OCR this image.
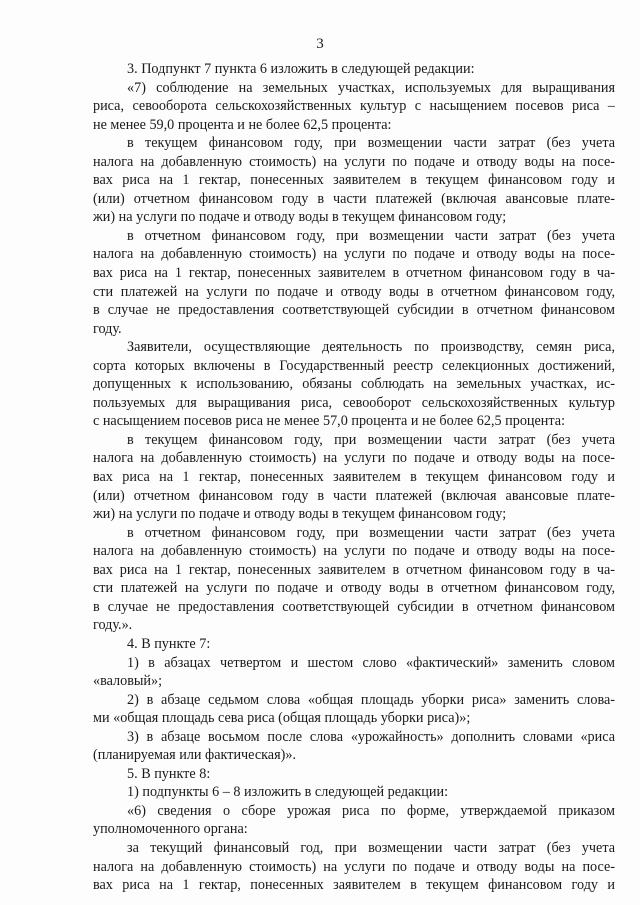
3
3. Подпункт 7 пункта 6 изложить в следующей редакции:
«7) соблюдение на земельных участках, используемых для выращивания
риса, севооборота сельскохозяйственных культур с насыщением посевов риса –
не менее 59,0 процента и не более 62,5 процента:
в текущем финансовом году, при возмещении части затрат (без учета
налога на добавленную стоимость) на услуги по подаче и отводу воды на посе-
вах риса на 1 гектар, понесенных заявителем в текущем финансовом году и
(или) отчетном финансовом году в части платежей (включая авансовые плате-
жи) на услуги по подаче и отводу воды в текущем финансовом году;
в отчетном финансовом году, при возмещении части затрат (без учета
налога на добавленную стоимость) на услуги по подаче и отводу воды на посе-
вах риса на 1 гектар, понесенных заявителем в отчетном финансовом году в ча-
сти платежей на услуги по подаче и отводу воды в отчетном финансовом году,
в случае не предоставления соответствующей субсидии в отчетном финансовом
году.
Заявители, осуществляющие деятельность по производству, семян риса,
сорта которых включены в Государственный реестр селекционных достижений,
допущенных к использованию, обязаны соблюдать на земельных участках, ис-
пользуемых для выращивания риса, севооборот сельскохозяйственных культур
с насыщением посевов риса не менее 57,0 процента и не более 62,5 процента:
в текущем финансовом году, при возмещении части затрат (без учета
налога на добавленную стоимость) на услуги по подаче и отводу воды на посе-
вах риса на 1 гектар, понесенных заявителем в текущем финансовом году и
(или) отчетном финансовом году в части платежей (включая авансовые плате-
жи) на услуги по подаче и отводу воды в текущем финансовом году;
в отчетном финансовом году, при возмещении части затрат (без учета
налога на добавленную стоимость) на услуги по подаче и отводу воды на посе-
вах риса на 1 гектар, понесенных заявителем в отчетном финансовом году в ча-
сти платежей на услуги по подаче и отводу воды в отчетном финансовом году,
в случае не предоставления соответствующей субсидии в отчетном финансовом
году.».
4. В пункте 7:
1) в абзацах четвертом и шестом слово «фактический» заменить словом
«валовый»;
2) в абзаце седьмом слова «общая площадь уборки риса» заменить слова-
ми «общая площадь сева риса (общая площадь уборки риса)»;
3) в абзаце восьмом после слова «урожайность» дополнить словами «риса
(планируемая или фактическая)».
5. В пункте 8:
1) подпункты 6 – 8 изложить в следующей редакции:
«6) сведения о сборе урожая риса по форме, утверждаемой приказом
уполномоченного органа:
за текущий финансовый год, при возмещении части затрат (без учета
налога на добавленную стоимость) на услуги по подаче и отводу воды на посе-
вах риса на 1 гектар, понесенных заявителем в текущем финансовом году и
